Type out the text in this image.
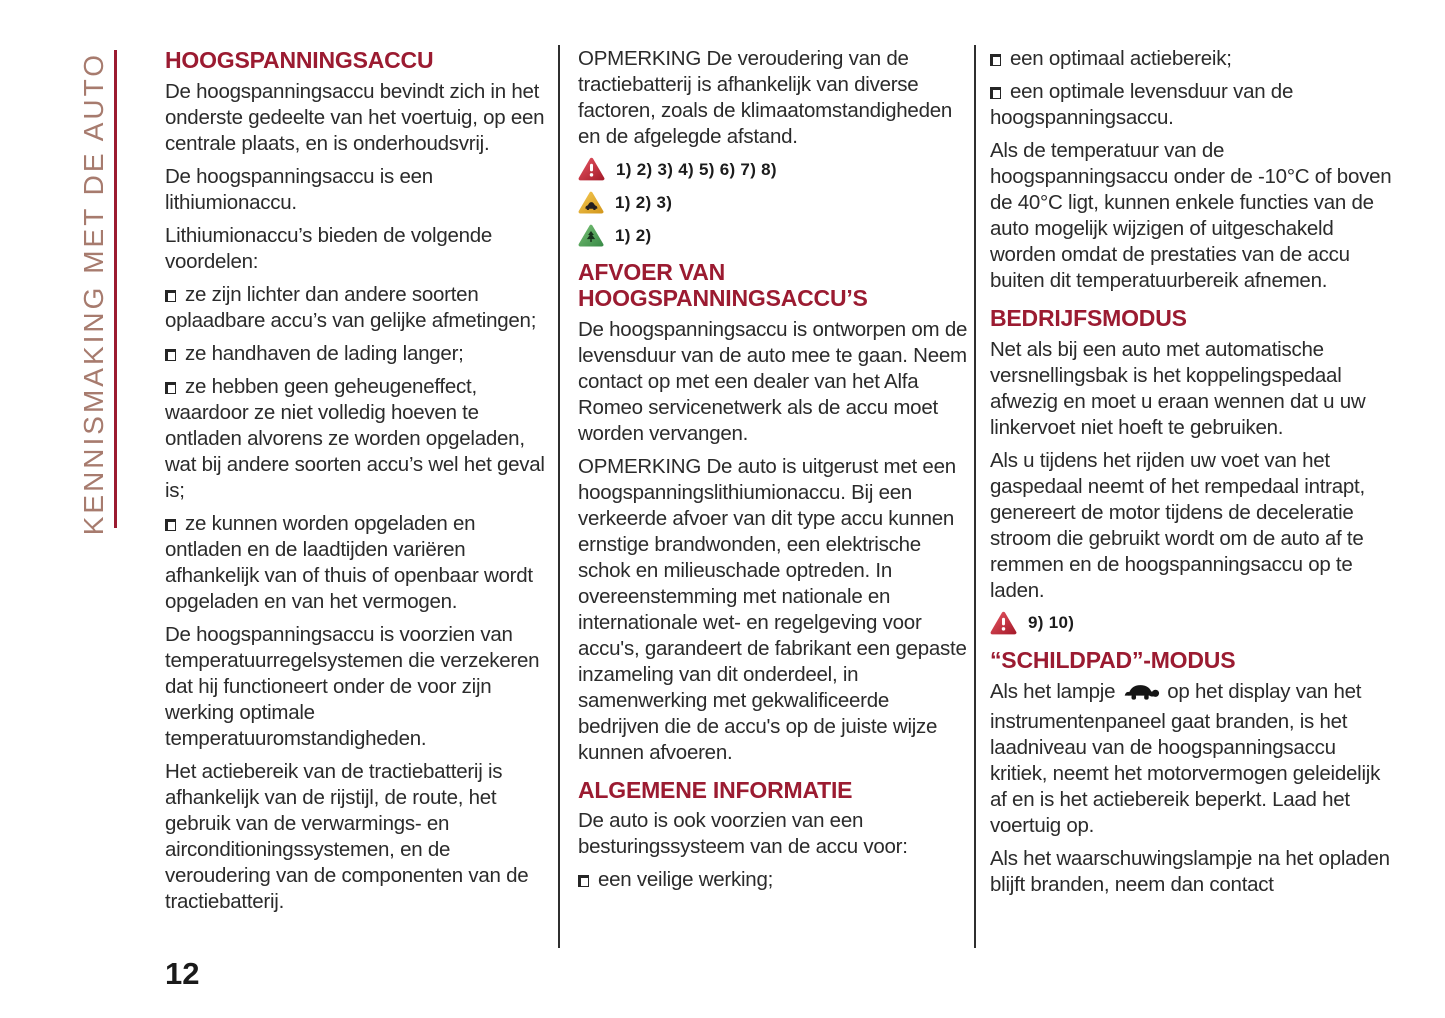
KENNISMAKING MET DE AUTO HOOGSPANNINGSACCU

De hoogspanningsaccu bevindt zich in het onderste gedeelte van het voertuig, op een centrale plaats, en is onderhoudsvrij.

De hoogspanningsaccu is een lithiumionaccu.

Lithiumionaccu’s bieden de volgende voordelen:

ze zijn lichter dan andere soorten oplaadbare accu’s van gelijke afmetingen;

ze handhaven de lading langer;

ze hebben geen geheugeneffect, waardoor ze niet volledig hoeven te ontladen alvorens ze worden opgeladen, wat bij andere soorten accu’s wel het geval is;

ze kunnen worden opgeladen en ontladen en de laadtijden variëren afhankelijk van of thuis of openbaar wordt opgeladen en van het vermogen.

De hoogspanningsaccu is voorzien van temperatuurregelsystemen die verzekeren dat hij functioneert onder de voor zijn werking optimale temperatuuromstandigheden.

Het actiebereik van de tractiebatterij is afhankelijk van de rijstijl, de route, het gebruik van de verwarmings- en airconditioningssystemen, en de veroudering van de componenten van de tractiebatterij.

OPMERKING De veroudering van de tractiebatterij is afhankelijk van diverse factoren, zoals de klimaatomstandigheden en de afgelegde afstand.

1) 2) 3) 4) 5) 6) 7) 8)
1) 2) 3)
1) 2)
AFVOER VAN HOOGSPANNINGSACCU’S

De hoogspanningsaccu is ontworpen om de levensduur van de auto mee te gaan. Neem contact op met een dealer van het Alfa Romeo servicenetwerk als de accu moet worden vervangen.

OPMERKING De auto is uitgerust met een hoogspanningslithiumionaccu. Bij een verkeerde afvoer van dit type accu kunnen ernstige brandwonden, een elektrische schok en milieuschade optreden. In overeenstemming met nationale en internationale wet- en regelgeving voor accu's, garandeert de fabrikant een gepaste inzameling van dit onderdeel, in samenwerking met gekwalificeerde bedrijven die de accu's op de juiste wijze kunnen afvoeren.

ALGEMENE INFORMATIE

De auto is ook voorzien van een besturingssysteem van de accu voor:

een veilige werking;

een optimaal actiebereik;

een optimale levensduur van de hoogspanningsaccu.

Als de temperatuur van de hoogspanningsaccu onder de -10°C of boven de 40°C ligt, kunnen enkele functies van de auto mogelijk wijzigen of uitgeschakeld worden omdat de prestaties van de accu buiten dit temperatuurbereik afnemen.

BEDRIJFSMODUS

Net als bij een auto met automatische versnellingsbak is het koppelingspedaal afwezig en moet u eraan wennen dat u uw linkervoet niet hoeft te gebruiken.

Als u tijdens het rijden uw voet van het gaspedaal neemt of het rempedaal intrapt, genereert de motor tijdens de deceleratie stroom die gebruikt wordt om de auto af te remmen en de hoogspanningsaccu op te laden.

9) 10)
“SCHILDPAD”-MODUS

Als het lampje	op het display van het instrumentenpaneel gaat branden, is het laadniveau van de hoogspanningsaccu kritiek, neemt het motorvermogen geleidelijk af en is het actiebereik beperkt. Laad het voertuig op.

Als het waarschuwingslampje na het opladen blijft branden, neem dan contact

12
